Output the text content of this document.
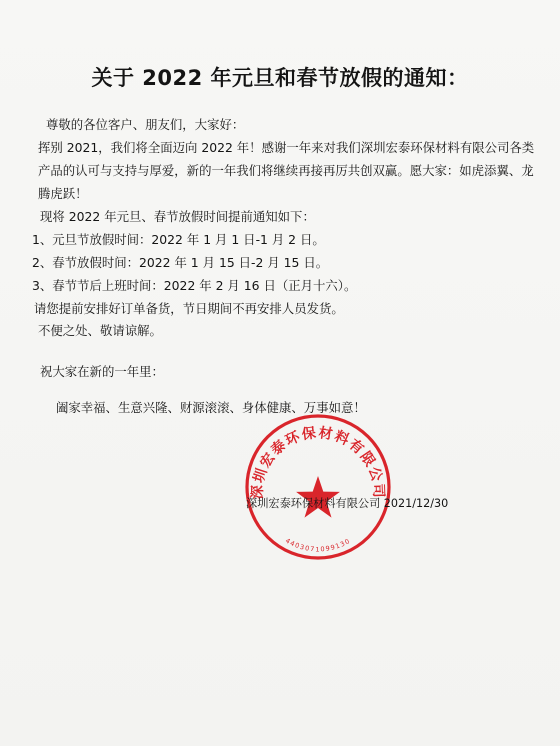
关于 2022 年元旦和春节放假的通知：
尊敬的各位客户、朋友们，大家好：
挥别 2021，我们将全面迈向 2022 年！感谢一年来对我们深圳宏泰环保材料有限公司各类
产品的认可与支持与厚爱，新的一年我们将继续再接再厉共创双赢。愿大家：如虎添翼、龙
腾虎跃！
现将 2022 年元旦、春节放假时间提前通知如下：
1、元旦节放假时间：2022 年 1 月 1 日-1 月 2 日。
2、春节放假时间：2022 年 1 月 15 日-2 月 15 日。
3、春节节后上班时间：2022 年 2 月 16 日（正月十六）。
请您提前安排好订单备货，节日期间不再安排人员发货。
不便之处、敬请谅解。
祝大家在新的一年里：
阖家幸福、生意兴隆、财源滚滚、身体健康、万事如意！
深圳宏泰环保材料有限公司
4403071099130
深圳宏泰环保材料有限公司 2021/12/30
